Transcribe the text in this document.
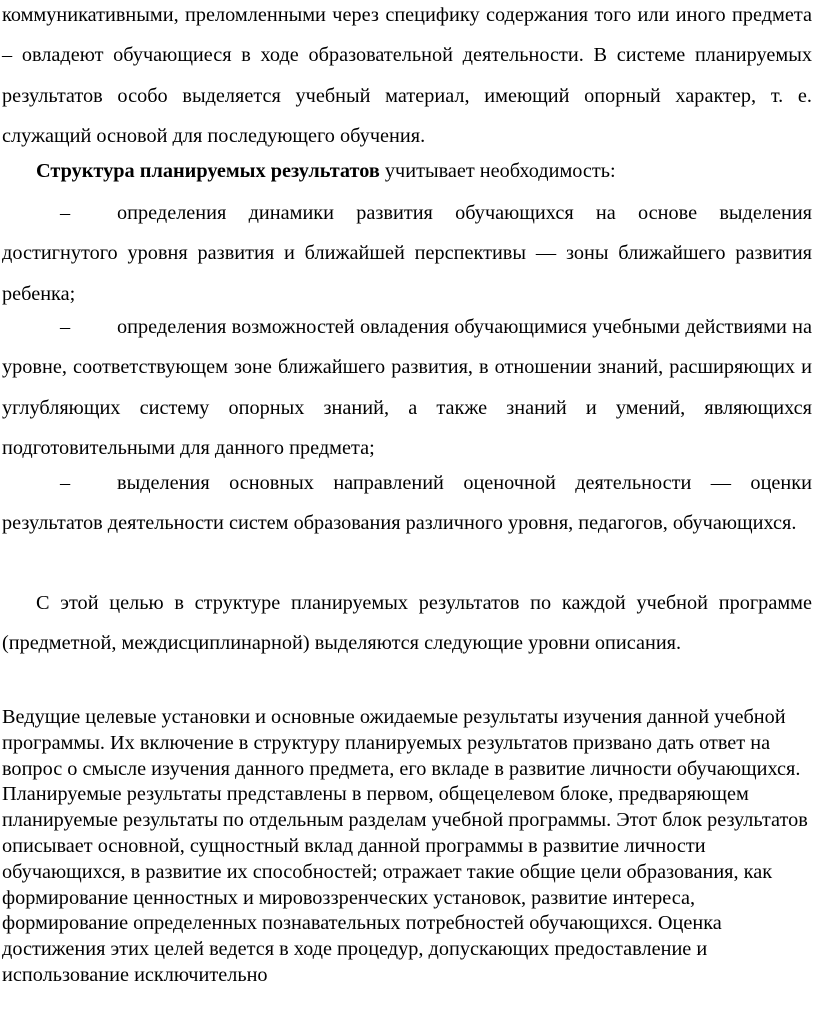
коммуникативными, преломленными через специфику содержания того или иного предмета – овладеют обучающиеся в ходе образовательной деятельности. В системе планируемых результатов особо выделяется учебный материал, имеющий опорный характер, т. е. служащий основой для последующего обучения.

Структура планируемых результатов учитывает необходимость:

– определения динамики развития обучающихся на основе выделения достигнутого уровня развития и ближайшей перспективы — зоны ближайшего развития ребенка;

– определения возможностей овладения обучающимися учебными действиями на уровне, соответствующем зоне ближайшего развития, в отношении знаний, расширяющих и углубляющих систему опорных знаний, а также знаний и умений, являющихся подготовительными для данного предмета;

– выделения основных направлений оценочной деятельности — оценки результатов деятельности систем образования различного уровня, педагогов, обучающихся.

С этой целью в структуре планируемых результатов по каждой учебной программе (предметной, междисциплинарной) выделяются следующие уровни описания.

Ведущие целевые установки и основные ожидаемые результаты изучения данной учебной программы. Их включение в структуру планируемых результатов призвано дать ответ на вопрос о смысле изучения данного предмета, его вкладе в развитие личности обучающихся. Планируемые результаты представлены в первом, общецелевом блоке, предваряющем планируемые результаты по отдельным разделам учебной программы. Этот блок результатов описывает основной, сущностный вклад данной программы в развитие личности обучающихся, в развитие их способностей; отражает такие общие цели образования, как формирование ценностных и мировоззренческих установок, развитие интереса, формирование определенных познавательных потребностей обучающихся. Оценка достижения этих целей ведется в ходе процедур, допускающих предоставление и использование исключительно
